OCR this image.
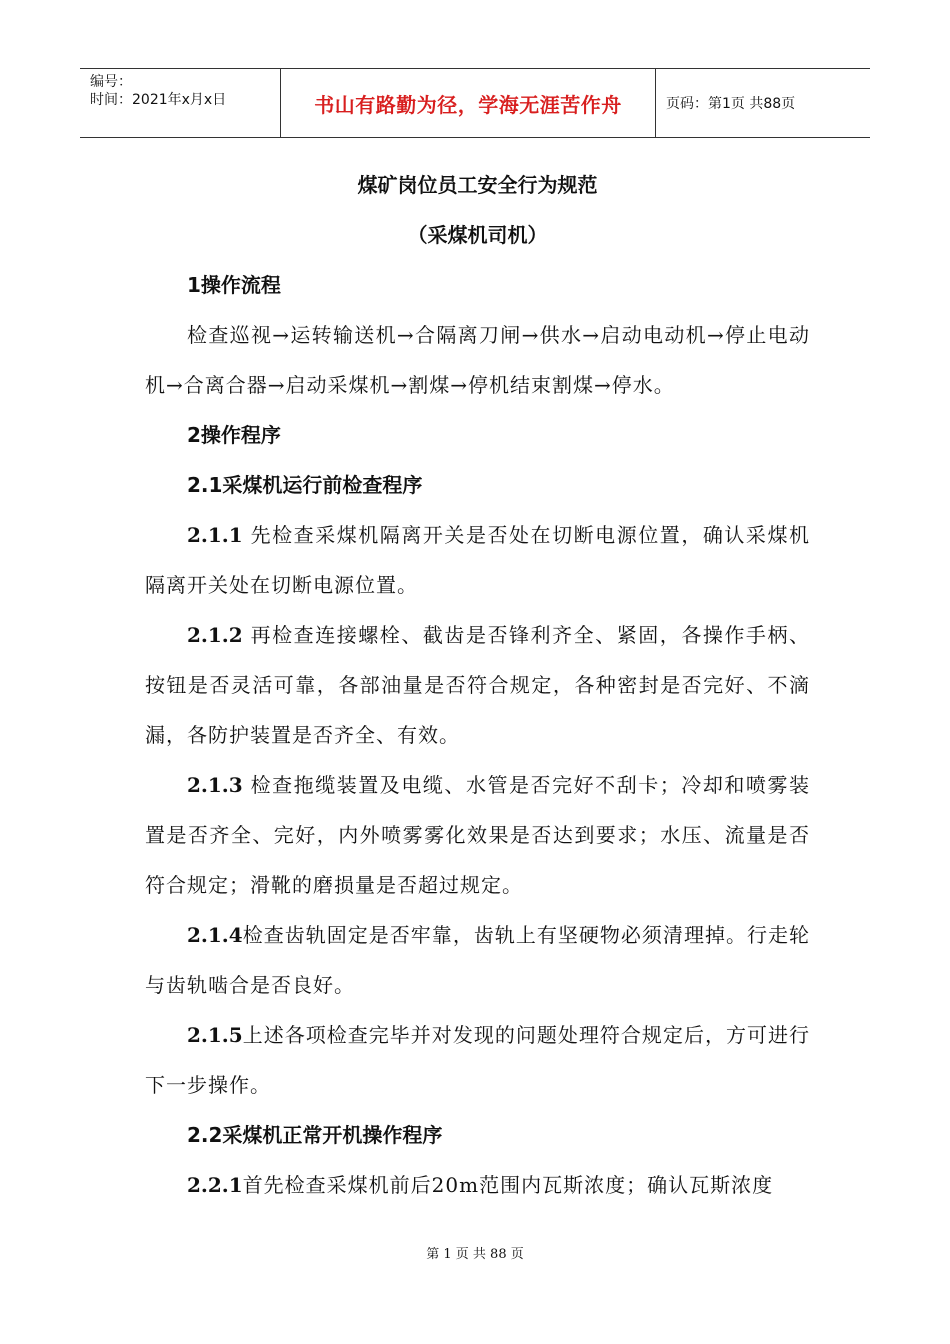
编号：
时间：2021年x月x日	书山有路勤为径，学海无涯苦作舟	页码：第1页 共88页
煤矿岗位员工安全行为规范
（采煤机司机）
1操作流程
检查巡视→运转输送机→合隔离刀闸→供水→启动电动机→停止电动机→合离合器→启动采煤机→割煤→停机结束割煤→停水。
2操作程序
2.1采煤机运行前检查程序
2.1.1 先检查采煤机隔离开关是否处在切断电源位置，确认采煤机隔离开关处在切断电源位置。
2.1.2 再检查连接螺栓、截齿是否锋利齐全、紧固，各操作手柄、按钮是否灵活可靠，各部油量是否符合规定，各种密封是否完好、不滴漏，各防护装置是否齐全、有效。
2.1.3 检查拖缆装置及电缆、水管是否完好不刮卡；冷却和喷雾装置是否齐全、完好，内外喷雾雾化效果是否达到要求；水压、流量是否符合规定；滑靴的磨损量是否超过规定。
2.1.4检查齿轨固定是否牢靠，齿轨上有坚硬物必须清理掉。行走轮与齿轨啮合是否良好。
2.1.5上述各项检查完毕并对发现的问题处理符合规定后，方可进行下一步操作。
2.2采煤机正常开机操作程序
2.2.1首先检查采煤机前后20m范围内瓦斯浓度；确认瓦斯浓度
第 1 页 共 88 页
